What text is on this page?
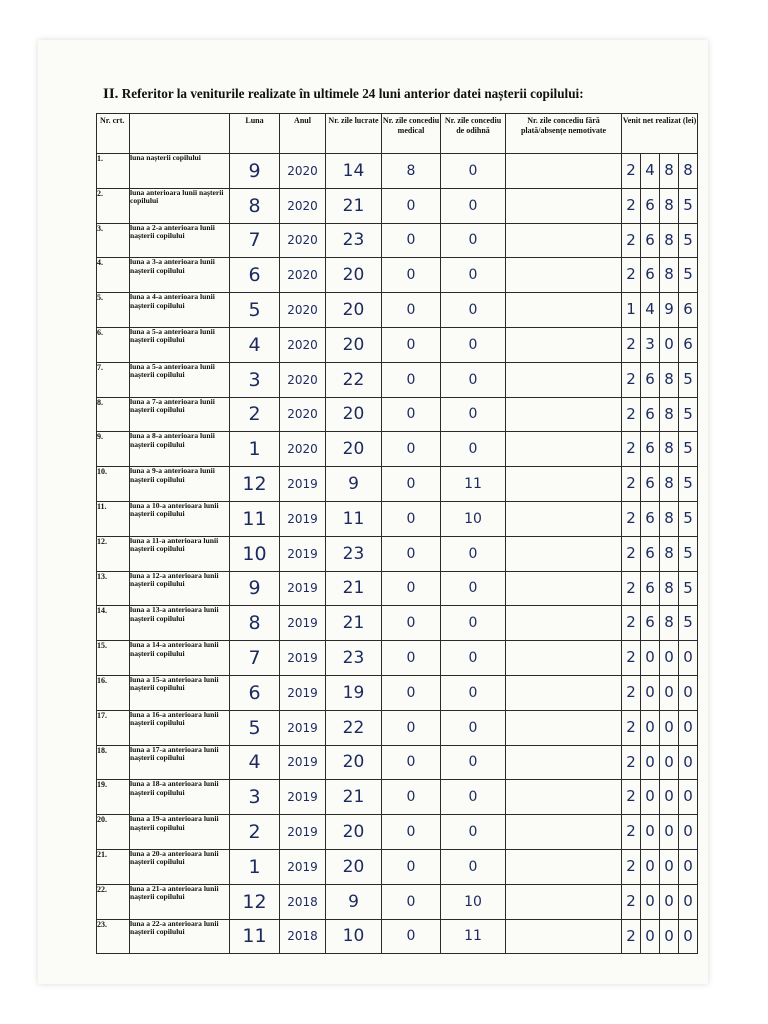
II. Referitor la veniturile realizate în ultimele 24 luni anterior datei nașterii copilului:
Nr. crt.		Luna	Anul	Nr. zile lucrate	Nr. zile concediu medical	Nr. zile concediu de odihnă	Nr. zile concediu fără plată/absențe nemotivate	Venit net realizat (lei)
1.	luna nașterii copilului	9	2020	14	8	0		2 4 8 8

2.	luna anterioara lunii nașterii copilului	8	2020	21	0	0		2 6 8 5

3.	luna a 2-a anterioara lunii nașterii copilului	7	2020	23	0	0		2 6 8 5

4.	luna a 3-a anterioara lunii nașterii copilului	6	2020	20	0	0		2 6 8 5

5.	luna a 4-a anterioara lunii nașterii copilului	5	2020	20	0	0		1 4 9 6

6.	luna a 5-a anterioara lunii nașterii copilului	4	2020	20	0	0		2 3 0 6

7.	luna a 5-a anterioara lunii nașterii copilului	3	2020	22	0	0		2 6 8 5

8.	luna a 7-a anterioara lunii nașterii copilului	2	2020	20	0	0		2 6 8 5

9.	luna a 8-a anterioara lunii nașterii copilului	1	2020	20	0	0		2 6 8 5

10.	luna a 9-a anterioara lunii nașterii copilului	12	2019	9	0	11		2 6 8 5

11.	luna a 10-a anterioara lunii nașterii copilului	11	2019	11	0	10		2 6 8 5

12.	luna a 11-a anterioara lunii nașterii copilului	10	2019	23	0	0		2 6 8 5

13.	luna a 12-a anterioara lunii nașterii copilului	9	2019	21	0	0		2 6 8 5

14.	luna a 13-a anterioara lunii nașterii copilului	8	2019	21	0	0		2 6 8 5

15.	luna a 14-a anterioara lunii nașterii copilului	7	2019	23	0	0		2 0 0 0

16.	luna a 15-a anterioara lunii nașterii copilului	6	2019	19	0	0		2 0 0 0

17.	luna a 16-a anterioara lunii nașterii copilului	5	2019	22	0	0		2 0 0 0

18.	luna a 17-a anterioara lunii nașterii copilului	4	2019	20	0	0		2 0 0 0

19.	luna a 18-a anterioara lunii nașterii copilului	3	2019	21	0	0		2 0 0 0

20.	luna a 19-a anterioara lunii nașterii copilului	2	2019	20	0	0		2 0 0 0

21.	luna a 20-a anterioara lunii nașterii copilului	1	2019	20	0	0		2 0 0 0

22.	luna a 21-a anterioara lunii nașterii copilului	12	2018	9	0	10		2 0 0 0

23.	luna a 22-a anterioara lunii nașterii copilului	11	2018	10	0	11		2 0 0 0
